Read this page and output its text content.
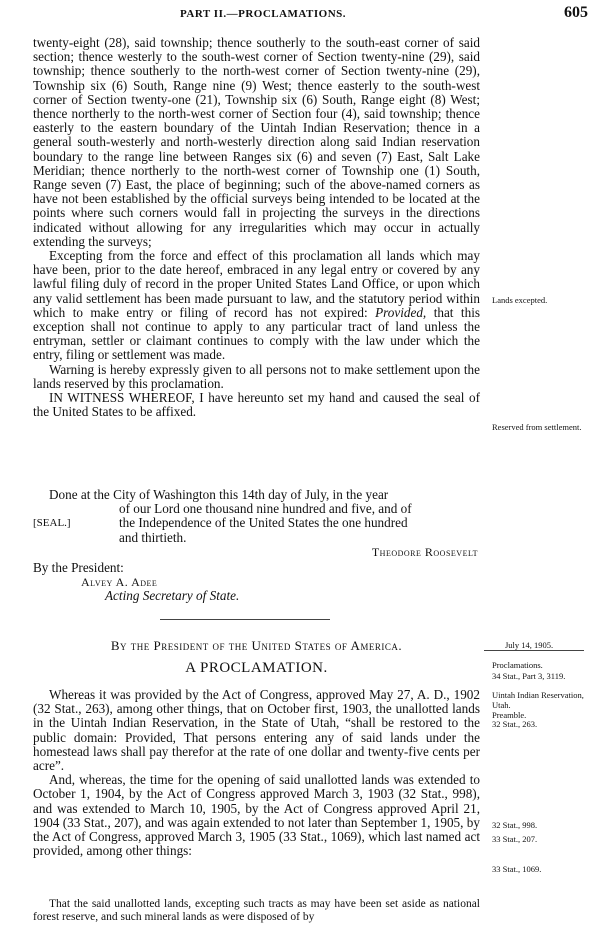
PART II.—PROCLAMATIONS.	605

twenty-eight (28), said township; thence southerly to the south-east corner of said section; thence westerly to the south-west corner of Section twenty-nine (29), said township; thence southerly to the north-west corner of Section twenty-nine (29), Township six (6) South, Range nine (9) West; thence easterly to the south-west corner of Section twenty-one (21), Township six (6) South, Range eight (8) West; thence northerly to the north-west corner of Section four (4), said township; thence easterly to the eastern boundary of the Uintah Indian Reservation; thence in a general south-westerly and north-westerly direction along said Indian reservation boundary to the range line between Ranges six (6) and seven (7) East, Salt Lake Meridian; thence northerly to the north-west corner of Township one (1) South, Range seven (7) East, the place of beginning; such of the above-named corners as have not been established by the official surveys being intended to be located at the points where such corners would fall in projecting the surveys in the directions indicated without allowing for any irregularities which may occur in actually extending the surveys;

Excepting from the force and effect of this proclamation all lands which may have been, prior to the date hereof, embraced in any legal entry or covered by any lawful filing duly of record in the proper United States Land Office, or upon which any valid settlement has been made pursuant to law, and the statutory period within which to make entry or filing of record has not expired: Provided, that this exception shall not continue to apply to any particular tract of land unless the entryman, settler or claimant continues to comply with the law under which the entry, filing or settlement was made.

Warning is hereby expressly given to all persons not to make settlement upon the lands reserved by this proclamation.

IN WITNESS WHEREOF, I have hereunto set my hand and caused the seal of the United States to be affixed.

Done at the City of Washington this 14th day of July, in the year
of our Lord one thousand nine hundred and five, and of
[SEAL.]	the Independence of the United States the one hundred
and thirtieth.
Theodore Roosevelt
By the President:
Alvey A. Adee
Acting Secretary of State.
By the President of the United States of America.
A PROCLAMATION.

Whereas it was provided by the Act of Congress, approved May 27, A. D., 1902 (32 Stat., 263), among other things, that on October first, 1903, the unallotted lands in the Uintah Indian Reservation, in the State of Utah, “shall be restored to the public domain: Provided, That persons entering any of said lands under the homestead laws shall pay therefor at the rate of one dollar and twenty-five cents per acre”.

And, whereas, the time for the opening of said unallotted lands was extended to October 1, 1904, by the Act of Congress approved March 3, 1903 (32 Stat., 998), and was extended to March 10, 1905, by the Act of Congress approved April 21, 1904 (33 Stat., 207), and was again extended to not later than September 1, 1905, by the Act of Congress, approved March 3, 1905 (33 Stat., 1069), which last named act provided, among other things:

That the said unallotted lands, excepting such tracts as may have been set aside as national forest reserve, and such mineral lands as were disposed of by
Lands excepted.
Reserved from settlement.
July 14, 1905.
Proclamations.
34 Stat., Part 3, 3119.
Uintah Indian Reservation, Utah.
Preamble.
32 Stat., 263.
32 Stat., 998.
33 Stat., 207.
33 Stat., 1069.
